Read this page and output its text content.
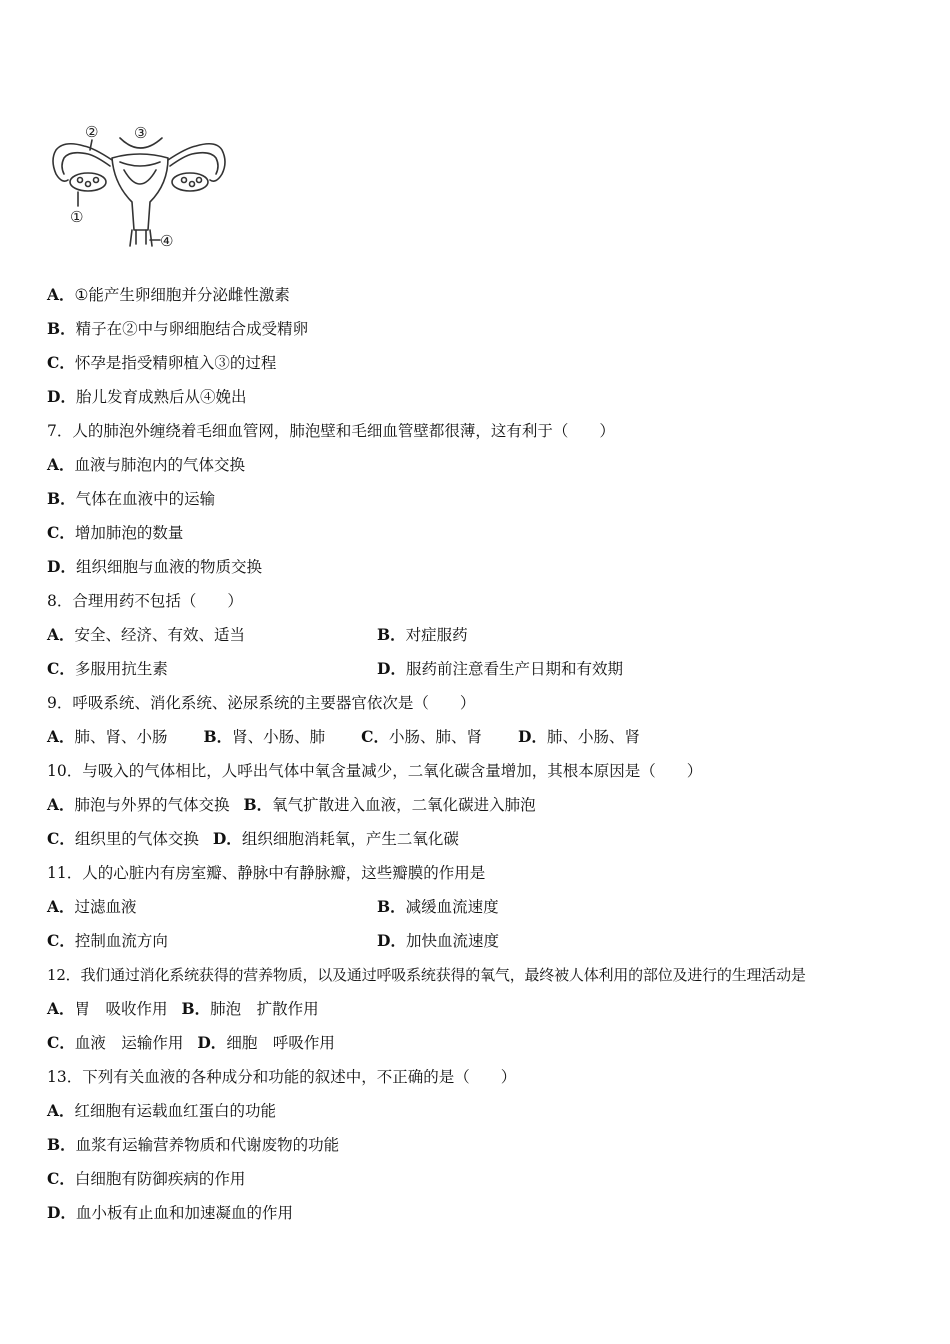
② ③
①
④
A．①能产生卵细胞并分泌雌性激素
B．精子在②中与卵细胞结合成受精卵
C．怀孕是指受精卵植入③的过程
D．胎儿发育成熟后从④娩出
7．人的肺泡外缠绕着毛细血管网，肺泡壁和毛细血管壁都很薄，这有利于（　　）
A．血液与肺泡内的气体交换
B．气体在血液中的运输
C．增加肺泡的数量
D．组织细胞与血液的物质交换
8．合理用药不包括（　　）
A．安全、经济、有效、适当	B．对症服药
C．多服用抗生素	D．服药前注意看生产日期和有效期
9．呼吸系统、消化系统、泌尿系统的主要器官依次是（　　）
A．肺、肾、小肠 B．肾、小肠、肺 C．小肠、肺、肾 D．肺、小肠、肾
10．与吸入的气体相比，人呼出气体中氧含量减少，二氧化碳含量增加，其根本原因是（　　）
A．肺泡与外界的气体交换 B．氧气扩散进入血液，二氧化碳进入肺泡
C．组织里的气体交换 D．组织细胞消耗氧，产生二氧化碳
11．人的心脏内有房室瓣、静脉中有静脉瓣，这些瓣膜的作用是
A．过滤血液	B．减缓血流速度
C．控制血流方向	D．加快血流速度
12．我们通过消化系统获得的营养物质，以及通过呼吸系统获得的氧气，最终被人体利用的部位及进行的生理活动是
A．胃　吸收作用 B．肺泡　扩散作用
C．血液　运输作用 D．细胞　呼吸作用
13．下列有关血液的各种成分和功能的叙述中，不正确的是（　　）
A．红细胞有运载血红蛋白的功能
B．血浆有运输营养物质和代谢废物的功能
C．白细胞有防御疾病的作用
D．血小板有止血和加速凝血的作用
